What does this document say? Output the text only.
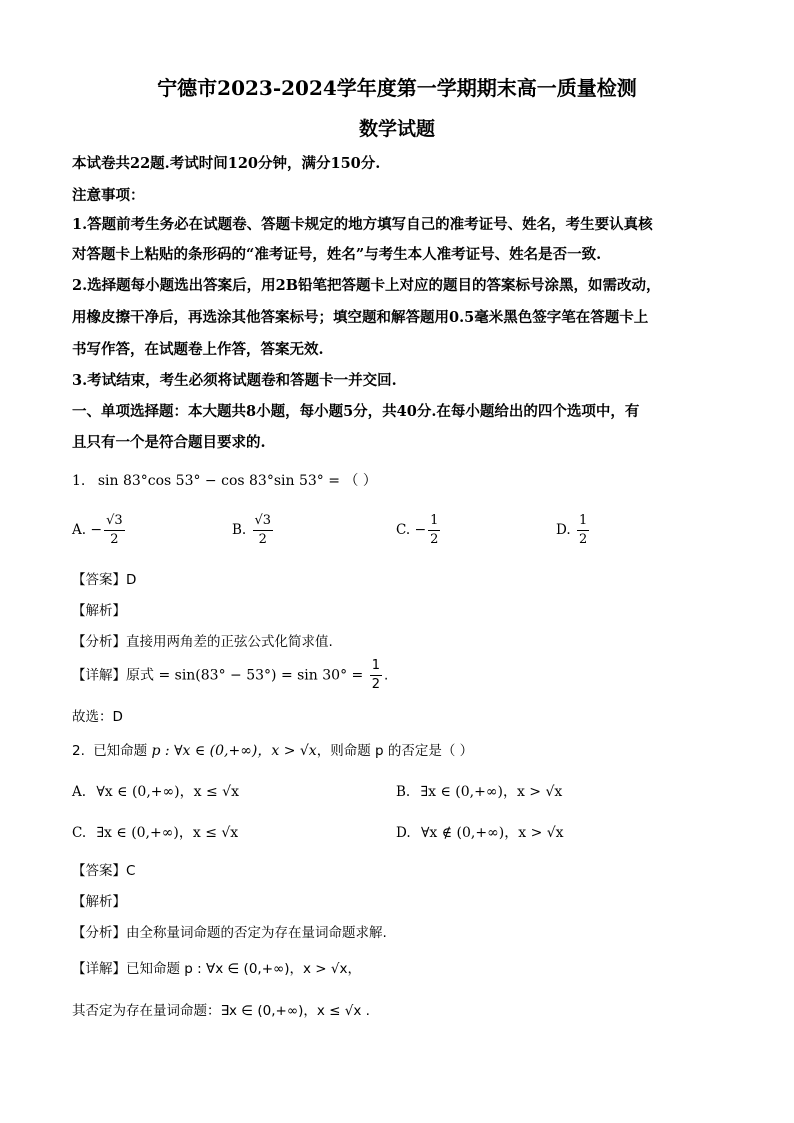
宁德市2023-2024学年度第一学期期末高一质量检测
数学试题
本试卷共22题.考试时间120分钟，满分150分.
注意事项：
1.答题前考生务必在试题卷、答题卡规定的地方填写自己的准考证号、姓名，考生要认真核
对答题卡上粘贴的条形码的“准考证号，姓名”与考生本人准考证号、姓名是否一致.
2.选择题每小题选出答案后，用2B铅笔把答题卡上对应的题目的答案标号涂黑，如需改动，
用橡皮擦干净后，再选涂其他答案标号；填空题和解答题用0.5毫米黑色签字笔在答题卡上
书写作答，在试题卷上作答，答案无效.
3.考试结束，考生必须将试题卷和答题卡一并交回.
一、单项选择题：本大题共8小题，每小题5分，共40分.在每小题给出的四个选项中，有
且只有一个是符合题目要求的.
1. sin 83°cos 53° − cos 83°sin 53° = （ ）
A. − $\frac{√3}{2}$	B. $\frac{√3}{2}$	C. − $\frac{1}{2}$	D. $\frac{1}{2}$
【答案】D
【解析】
【分析】直接用两角差的正弦公式化简求值.
【详解】原式 = $\sin(83^\circ - 53^\circ) = \sin 30^\circ = \frac{1}{2}$ .
故选：D
2. 已知命题 p : ∀x ∈ (0,+∞)，x > √x，则命题 p 的否定是（ ）
A. ∀x ∈ (0,+∞)，x ≤ √x	B. ∃x ∈ (0,+∞)，x > √x
C. ∃x ∈ (0,+∞)，x ≤ √x	D. ∀x ∉ (0,+∞)，x > √x
【答案】C
【解析】
【分析】由全称量词命题的否定为存在量词命题求解.
【详解】已知命题 p : ∀x ∈ (0,+∞)，x > √x，
其否定为存在量词命题：∃x ∈ (0,+∞)，x ≤ √x .
